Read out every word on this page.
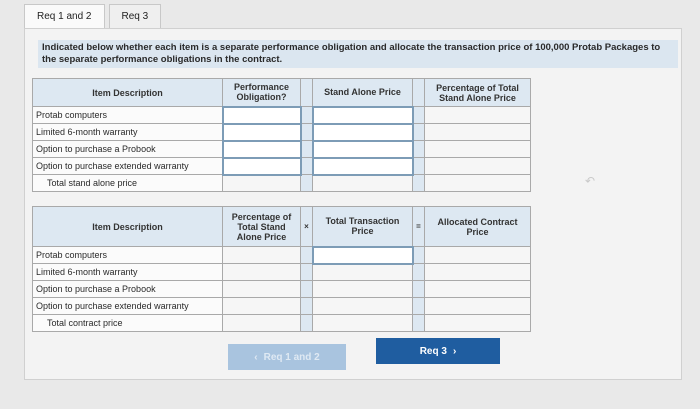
Req 1 and 2	Req 3
Indicated below whether each item is a separate performance obligation and allocate the transaction price of 100,000 Protab Packages to the separate performance obligations in the contract.
Item Description	Performance Obligation?		Stand Alone Price		Percentage of Total Stand Alone Price
Protab computers					
Limited 6-month warranty					
Option to purchase a Probook					
Option to purchase extended warranty					
Total stand alone price					
Item Description	Percentage of Total Stand Alone Price	×	Total Transaction Price	=	Allocated Contract Price
Protab computers					
Limited 6-month warranty					
Option to purchase a Probook					
Option to purchase extended warranty					
Total contract price					
‹ Req 1 and 2
Req 3 ›
↶
